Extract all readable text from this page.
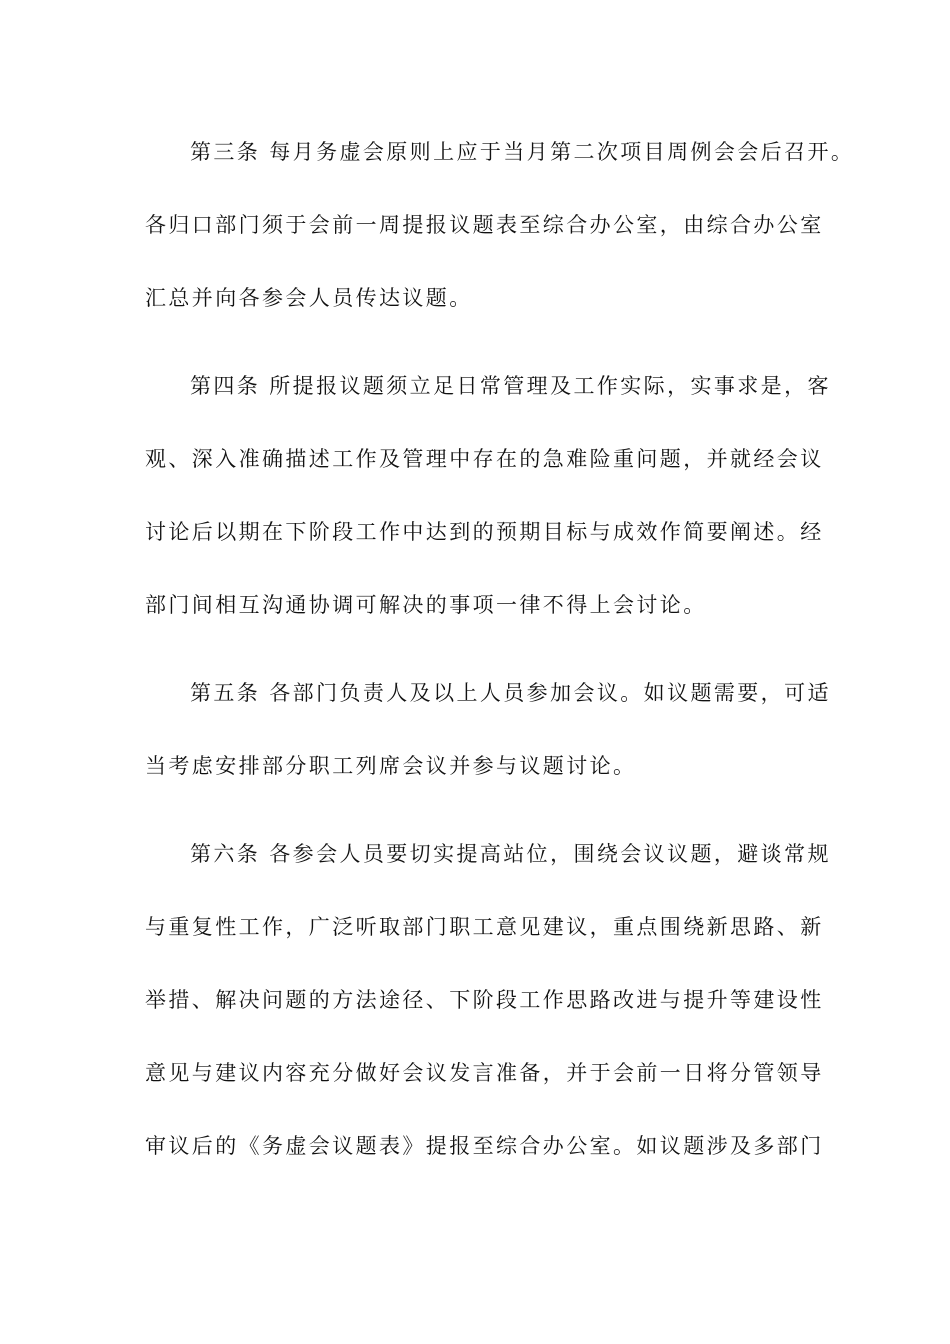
第三条 每月务虚会原则上应于当月第二次项目周例会会后召开。

各归口部门须于会前一周提报议题表至综合办公室，由综合办公室

汇总并向各参会人员传达议题。

第四条 所提报议题须立足日常管理及工作实际，实事求是，客

观、深入准确描述工作及管理中存在的急难险重问题，并就经会议

讨论后以期在下阶段工作中达到的预期目标与成效作简要阐述。经

部门间相互沟通协调可解决的事项一律不得上会讨论。

第五条 各部门负责人及以上人员参加会议。如议题需要，可适

当考虑安排部分职工列席会议并参与议题讨论。

第六条 各参会人员要切实提高站位，围绕会议议题，避谈常规

与重复性工作，广泛听取部门职工意见建议，重点围绕新思路、新

举措、解决问题的方法途径、下阶段工作思路改进与提升等建设性

意见与建议内容充分做好会议发言准备，并于会前一日将分管领导

审议后的《务虚会议题表》提报至综合办公室。如议题涉及多部门
